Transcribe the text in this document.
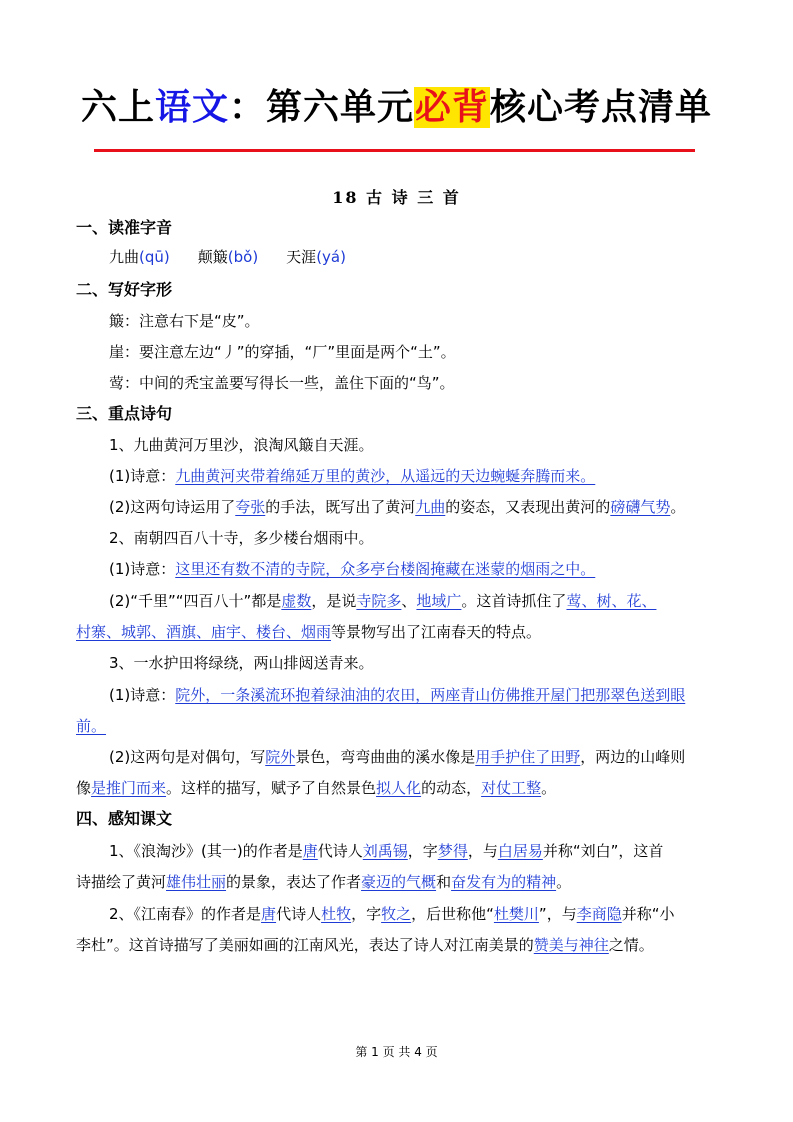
六上语文：第六单元必背核心考点清单
18 古 诗 三 首
一、读准字音
九曲(qū) 颠簸(bǒ) 天涯(yá)
二、写好字形
簸：注意右下是“皮”。
崖：要注意左边“丿”的穿插，“厂”里面是两个“土”。
莺：中间的秃宝盖要写得长一些，盖住下面的“鸟”。
三、重点诗句
1、九曲黄河万里沙，浪淘风簸自天涯。
(1)诗意：九曲黄河夹带着绵延万里的黄沙，从遥远的天边蜿蜒奔腾而来。
(2)这两句诗运用了夸张的手法，既写出了黄河九曲的姿态，又表现出黄河的磅礴气势。
2、南朝四百八十寺，多少楼台烟雨中。
(1)诗意：这里还有数不清的寺院，众多亭台楼阁掩藏在迷蒙的烟雨之中。
(2)“千里”“四百八十”都是虚数，是说寺院多、地域广。这首诗抓住了莺、树、花、
村寨、城郭、酒旗、庙宇、楼台、烟雨等景物写出了江南春天的特点。
3、一水护田将绿绕，两山排闼送青来。
(1)诗意：院外，一条溪流环抱着绿油油的农田，两座青山仿佛推开屋门把那翠色送到眼
前。
(2)这两句是对偶句，写院外景色，弯弯曲曲的溪水像是用手护住了田野，两边的山峰则
像是推门而来。这样的描写，赋予了自然景色拟人化的动态，对仗工整。
四、感知课文
1、《浪淘沙》(其一)的作者是唐代诗人刘禹锡，字梦得，与白居易并称“刘白”，这首
诗描绘了黄河雄伟壮丽的景象，表达了作者豪迈的气概和奋发有为的精神。
2、《江南春》的作者是唐代诗人杜牧，字牧之，后世称他“杜樊川”，与李商隐并称“小
李杜”。这首诗描写了美丽如画的江南风光，表达了诗人对江南美景的赞美与神往之情。
第 1 页 共 4 页
